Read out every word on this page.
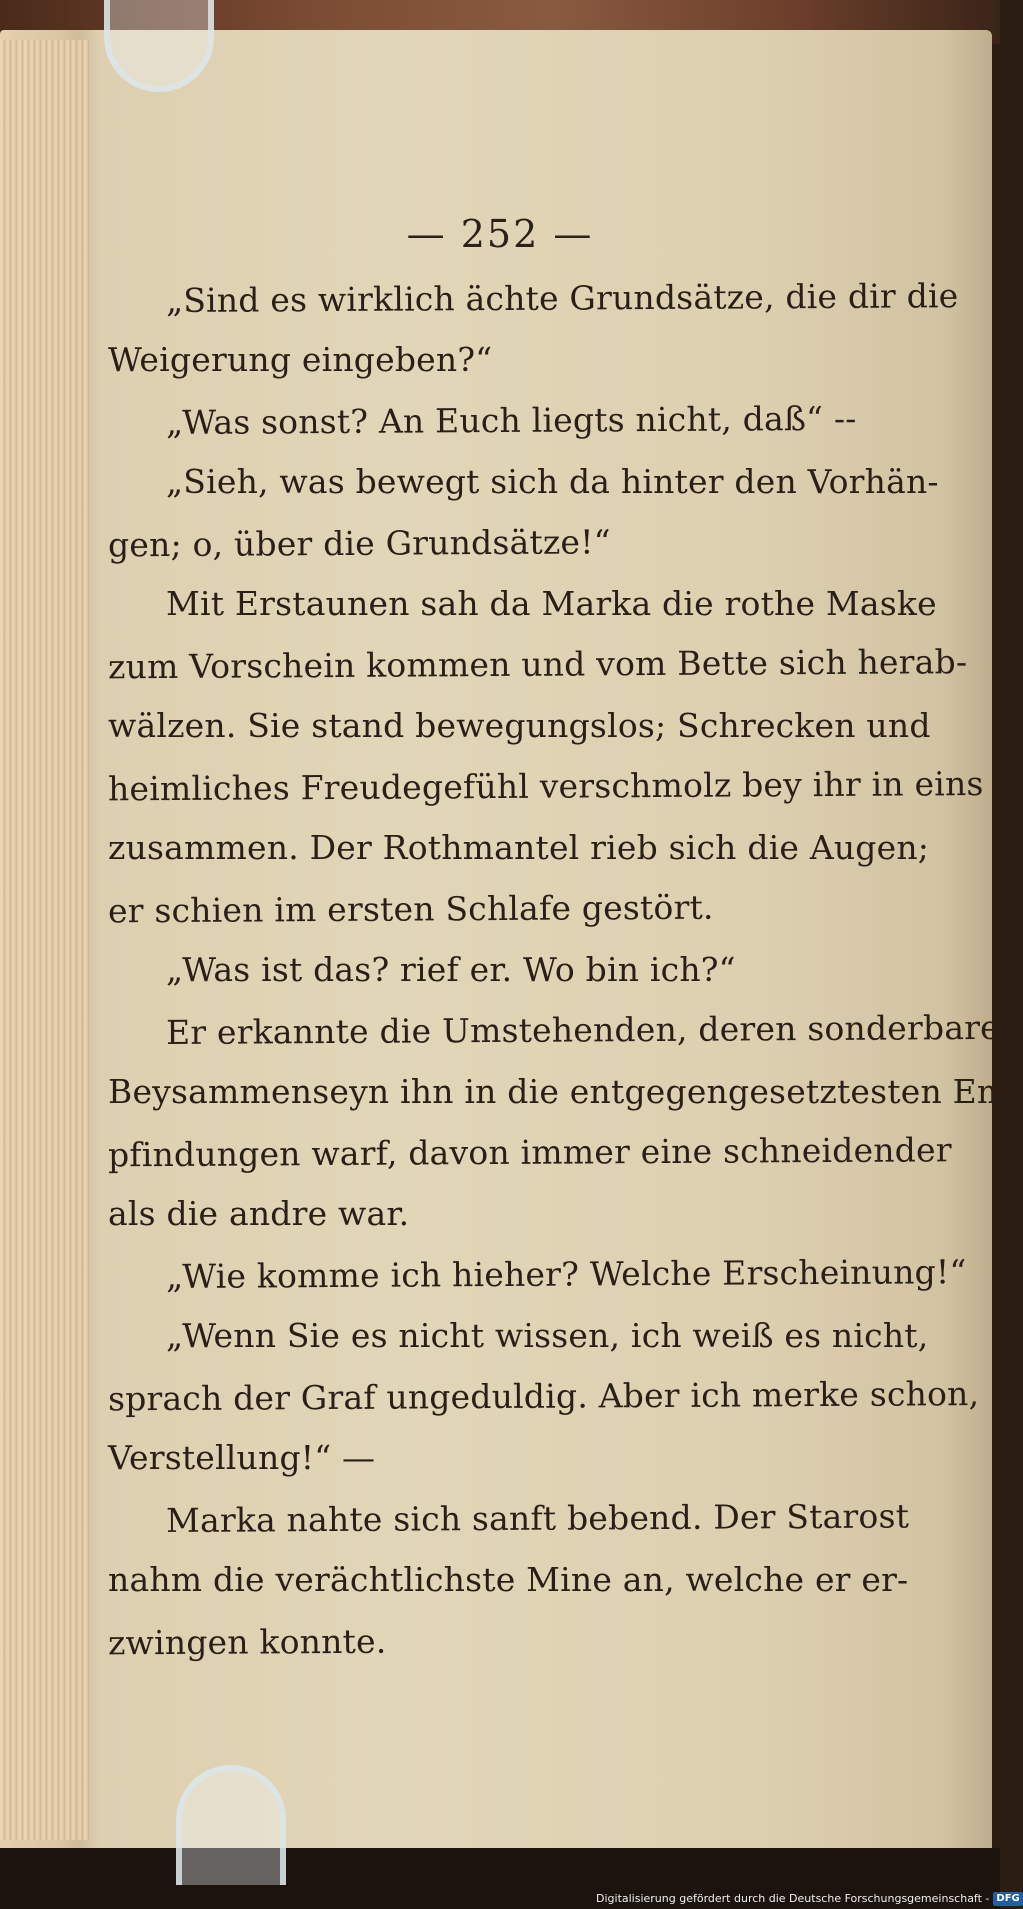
— 252 —
„Sind es wirklich ächte Grundsätze, die dir die
Weigerung eingeben?“
„Was sonst? An Euch liegts nicht, daß“ --
„Sieh, was bewegt sich da hinter den Vorhän-
gen; o, über die Grundsätze!“
Mit Erstaunen sah da Marka die rothe Maske
zum Vorschein kommen und vom Bette sich herab-
wälzen. Sie stand bewegungslos; Schrecken und
heimliches Freudegefühl verschmolz bey ihr in eins
zusammen. Der Rothmantel rieb sich die Augen;
er schien im ersten Schlafe gestört.
„Was ist das? rief er. Wo bin ich?“
Er erkannte die Umstehenden, deren sonderbares
Beysammenseyn ihn in die entgegengesetztesten Em-
pfindungen warf, davon immer eine schneidender
als die andre war.
„Wie komme ich hieher? Welche Erscheinung!“
„Wenn Sie es nicht wissen, ich weiß es nicht,
sprach der Graf ungeduldig. Aber ich merke schon,
Verstellung!“ —
Marka nahte sich sanft bebend. Der Starost
nahm die verächtlichste Mine an, welche er er-
zwingen konnte.
Digitalisierung gefördert durch die Deutsche Forschungsgemeinschaft - DFG
